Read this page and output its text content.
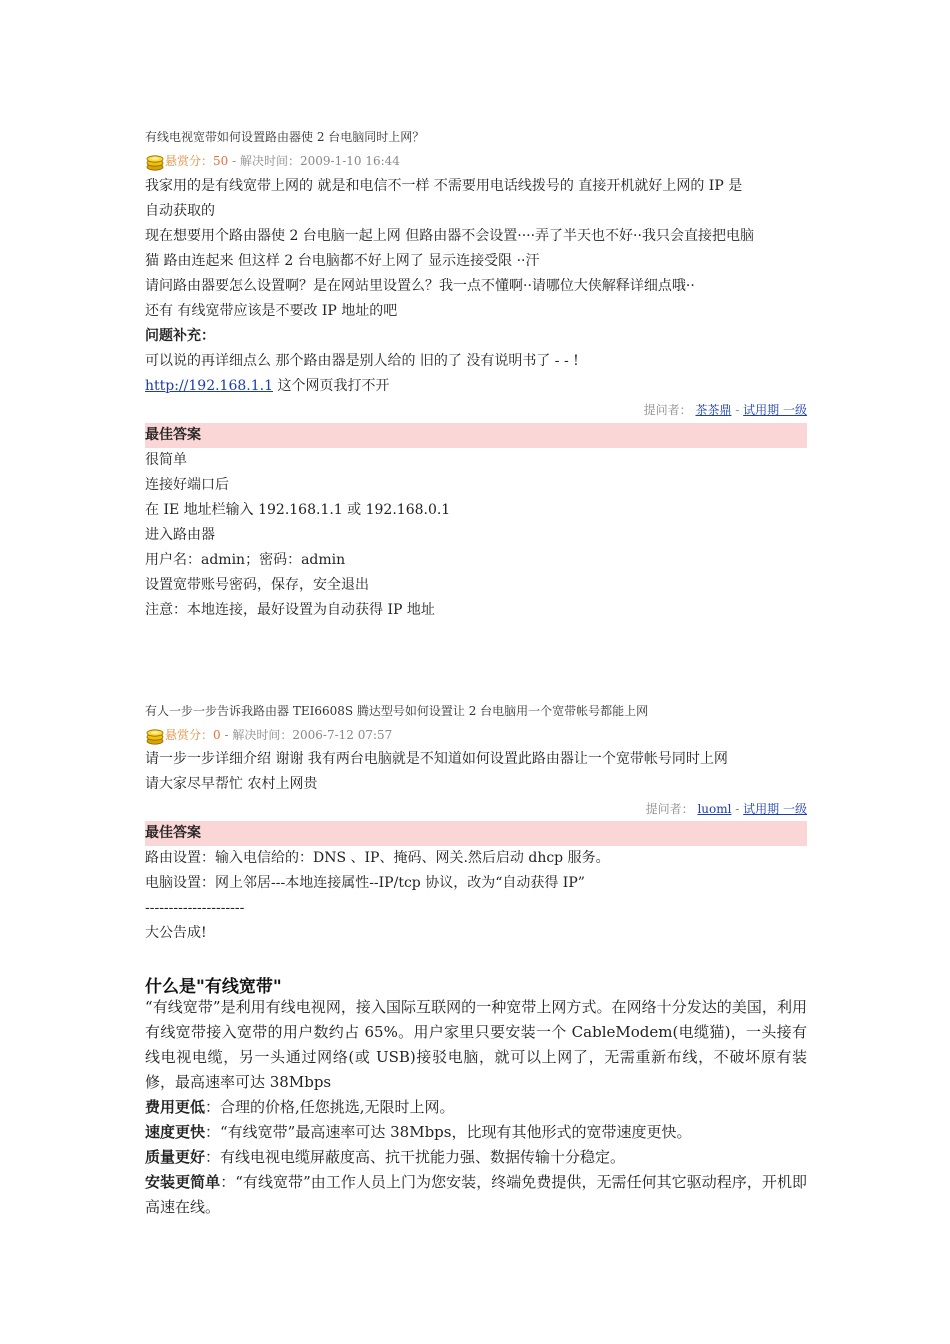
有线电视宽带如何设置路由器使 2 台电脑同时上网？
悬赏分：50 - 解决时间：2009-1-10 16:44
我家用的是有线宽带上网的 就是和电信不一样 不需要用电话线拨号的 直接开机就好上网的 IP 是
自动获取的
现在想要用个路由器使 2 台电脑一起上网 但路由器不会设置····弄了半天也不好··我只会直接把电脑
猫 路由连起来 但这样 2 台电脑都不好上网了 显示连接受限 ··汗
请问路由器要怎么设置啊？是在网站里设置么？我一点不懂啊··请哪位大侠解释详细点哦··
还有 有线宽带应该是不要改 IP 地址的吧
问题补充：
可以说的再详细点么 那个路由器是别人给的 旧的了 没有说明书了 - - !
http://192.168.1.1 这个网页我打不开
提问者： 茶茶鼎 - 试用期 一级
最佳答案
很简单
连接好端口后
在 IE 地址栏输入 192.168.1.1 或 192.168.0.1
进入路由器
用户名：admin；密码：admin
设置宽带账号密码，保存，安全退出
注意：本地连接，最好设置为自动获得 IP 地址
有人一步一步告诉我路由器 TEI6608S 腾达型号如何设置让 2 台电脑用一个宽带帐号都能上网
悬赏分：0 - 解决时间：2006-7-12 07:57
请一步一步详细介绍 谢谢 我有两台电脑就是不知道如何设置此路由器让一个宽带帐号同时上网
请大家尽早帮忙 农村上网贵
提问者： luoml - 试用期 一级
最佳答案
路由设置：输入电信给的：DNS 、IP、掩码、网关.然后启动 dhcp 服务。
电脑设置：网上邻居---本地连接属性--IP/tcp 协议，改为“自动获得 IP”
---------------------
大公告成!
什么是"有线宽带"
“有线宽带”是利用有线电视网，接入国际互联网的一种宽带上网方式。在网络十分发达的美国，利用有线宽带接入宽带的用户数约占 65%。用户家里只要安装一个 CableModem(电缆猫)，一头接有线电视电缆，另一头通过网络(或 USB)接驳电脑，就可以上网了，无需重新布线，不破坏原有装修，最高速率可达 38Mbps
费用更低：合理的价格,任您挑选,无限时上网。
速度更快：“有线宽带”最高速率可达 38Mbps，比现有其他形式的宽带速度更快。
质量更好：有线电视电缆屏蔽度高、抗干扰能力强、数据传输十分稳定。
安装更简单：“有线宽带”由工作人员上门为您安装，终端免费提供，无需任何其它驱动程序，开机即高速在线。
